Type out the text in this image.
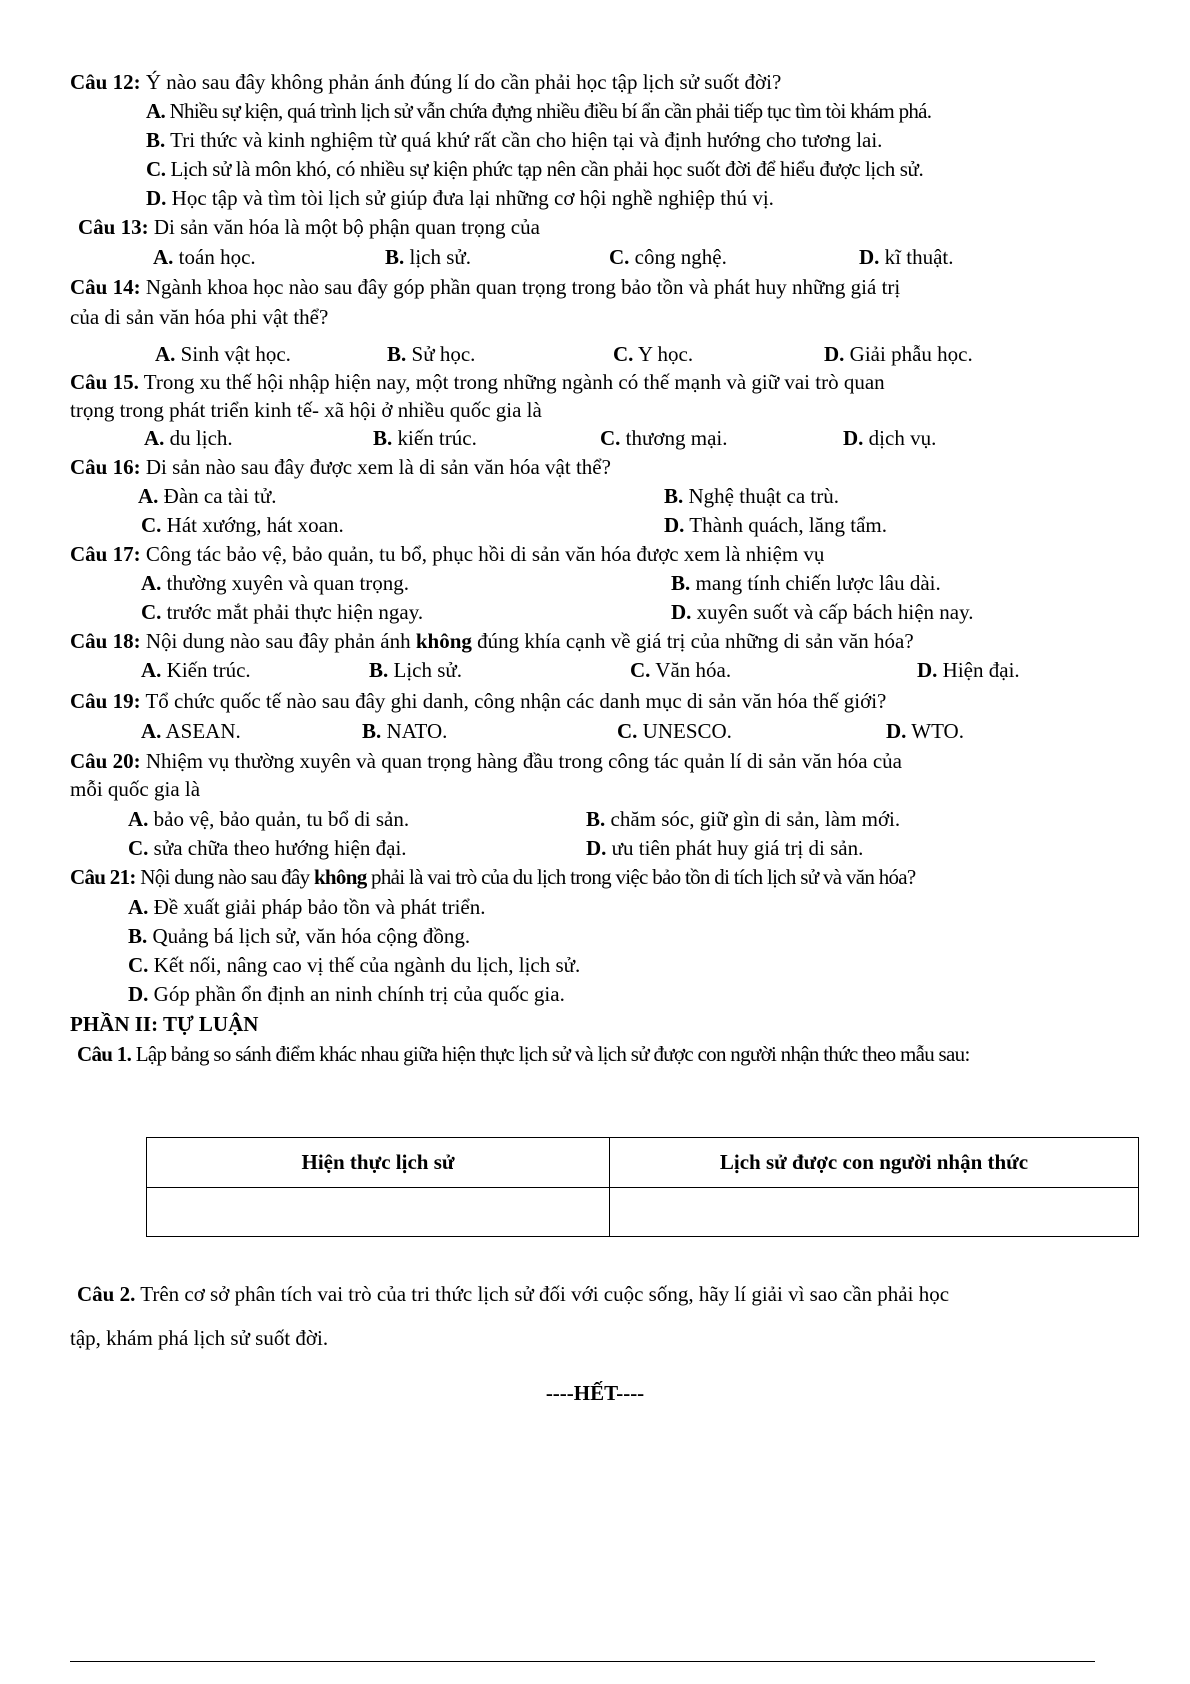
Câu 12: Ý nào sau đây không phản ánh đúng lí do cần phải học tập lịch sử suốt đời?
A. Nhiều sự kiện, quá trình lịch sử vẫn chứa đựng nhiều điều bí ẩn cần phải tiếp tục tìm tòi khám phá.
B. Tri thức và kinh nghiệm từ quá khứ rất cần cho hiện tại và định hướng cho tương lai.
C. Lịch sử là môn khó, có nhiều sự kiện phức tạp nên cần phải học suốt đời để hiểu được lịch sử.
D. Học tập và tìm tòi lịch sử giúp đưa lại những cơ hội nghề nghiệp thú vị.
Câu 13: Di sản văn hóa là một bộ phận quan trọng của
A. toán học.	B. lịch sử.	C. công nghệ.	D. kĩ thuật.
Câu 14: Ngành khoa học nào sau đây góp phần quan trọng trong bảo tồn và phát huy những giá trị
của di sản văn hóa phi vật thể?
A. Sinh vật học.	B. Sử học.	C. Y học.	D. Giải phẫu học.
Câu 15. Trong xu thế hội nhập hiện nay, một trong những ngành có thế mạnh và giữ vai trò quan
trọng trong phát triển kinh tế- xã hội ở nhiều quốc gia là
A. du lịch.	B. kiến trúc.	C. thương mại.	D. dịch vụ.
Câu 16: Di sản nào sau đây được xem là di sản văn hóa vật thể?
A. Đàn ca tài tử.	B. Nghệ thuật ca trù.
C. Hát xướng, hát xoan.	D. Thành quách, lăng tẩm.
Câu 17: Công tác bảo vệ, bảo quản, tu bổ, phục hồi di sản văn hóa được xem là nhiệm vụ
A. thường xuyên và quan trọng.	B. mang tính chiến lược lâu dài.
C. trước mắt phải thực hiện ngay.	D. xuyên suốt và cấp bách hiện nay.
Câu 18: Nội dung nào sau đây phản ánh không đúng khía cạnh về giá trị của những di sản văn hóa?
A. Kiến trúc.	B. Lịch sử.	C. Văn hóa.	D. Hiện đại.
Câu 19: Tổ chức quốc tế nào sau đây ghi danh, công nhận các danh mục di sản văn hóa thế giới?
A. ASEAN.	B. NATO.	C. UNESCO.	D. WTO.
Câu 20: Nhiệm vụ thường xuyên và quan trọng hàng đầu trong công tác quản lí di sản văn hóa của
mỗi quốc gia là
A. bảo vệ, bảo quản, tu bổ di sản.	B. chăm sóc, giữ gìn di sản, làm mới.
C. sửa chữa theo hướng hiện đại.	D. ưu tiên phát huy giá trị di sản.
Câu 21: Nội dung nào sau đây không phải là vai trò của du lịch trong việc bảo tồn di tích lịch sử và văn hóa?
A. Đề xuất giải pháp bảo tồn và phát triển.
B. Quảng bá lịch sử, văn hóa cộng đồng.
C. Kết nối, nâng cao vị thế của ngành du lịch, lịch sử.
D. Góp phần ổn định an ninh chính trị của quốc gia.
PHẦN II: TỰ LUẬN
Câu 1. Lập bảng so sánh điểm khác nhau giữa hiện thực lịch sử và lịch sử được con người nhận thức theo mẫu sau:
Hiện thực lịch sử	Lịch sử được con người nhận thức

Câu 2. Trên cơ sở phân tích vai trò của tri thức lịch sử đối với cuộc sống, hãy lí giải vì sao cần phải học
tập, khám phá lịch sử suốt đời.
----HẾT----
